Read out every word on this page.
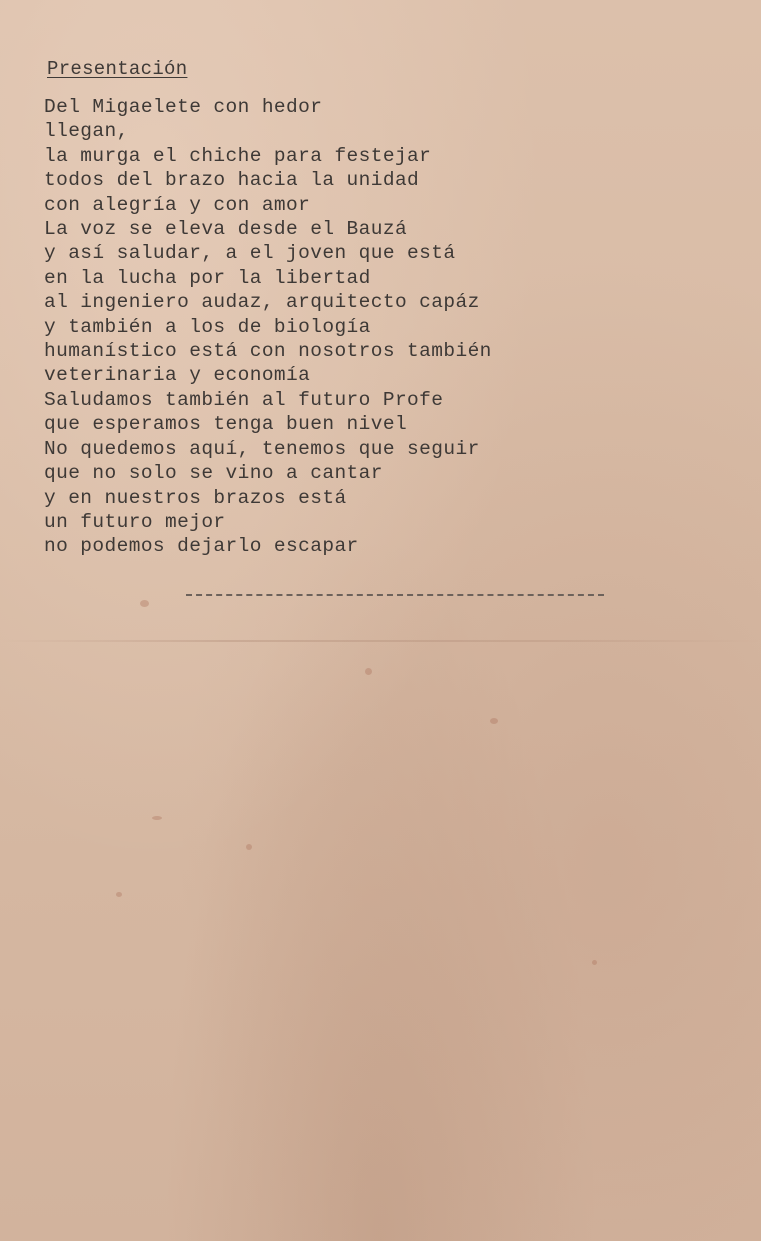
Presentación
Del Migaelete con hedor
llegan,
la murga el chiche para festejar
todos del brazo hacia la unidad
con alegría y con amor
La voz se eleva desde el Bauzá
y así saludar, a el joven que está
en la lucha por la libertad
al ingeniero audaz, arquitecto capáz
y también a los de biología
humanístico está con nosotros también
veterinaria y economía
Saludamos también al futuro Profe
que esperamos tenga buen nivel
No quedemos aquí, tenemos que seguir
que no solo se vino a cantar
y en nuestros brazos está
un futuro mejor
no podemos dejarlo escapar
